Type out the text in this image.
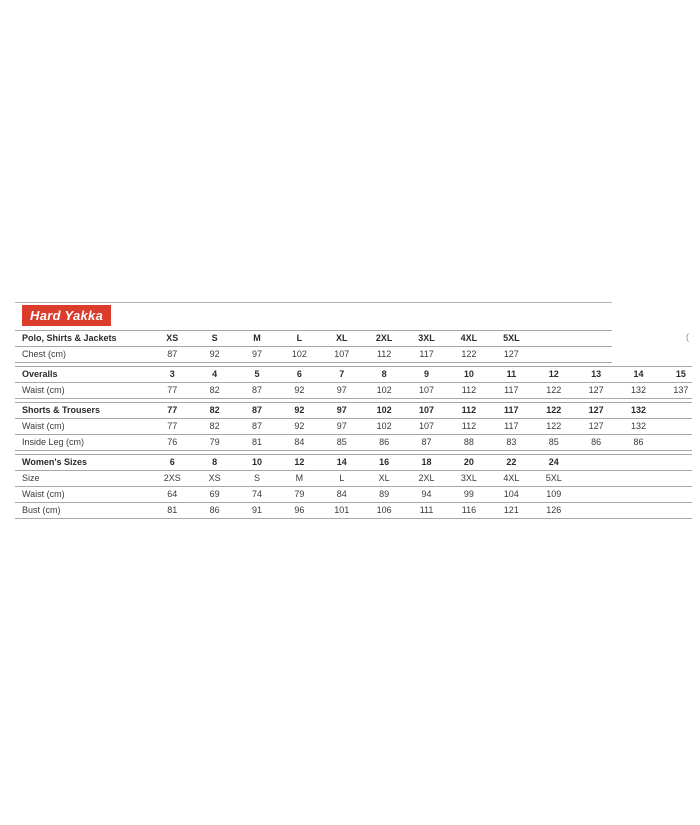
Hard Yakka
Polo, Shirts & Jackets	XS	S	M	L	XL	2XL	3XL	4XL	5XL
Chest (cm)	87	92	97	102	107	112	117	122	127
Overalls	3	4	5	6	7	8	9	10	11	12	13	14	15
Waist (cm)	77	82	87	92	97	102	107	112	117	122	127	132	137
Shorts & Trousers	77	82	87	92	97	102	107	112	117	122	127	132
Waist (cm)	77	82	87	92	97	102	107	112	117	122	127	132
Inside Leg (cm)	76	79	81	84	85	86	87	88	83	85	86	86
Women's Sizes	6	8	10	12	14	16	18	20	22	24
Size	2XS	XS	S	M	L	XL	2XL	3XL	4XL	5XL
Waist (cm)	64	69	74	79	84	89	94	99	104	109
Bust (cm)	81	86	91	96	101	106	111	116	121	126
(
